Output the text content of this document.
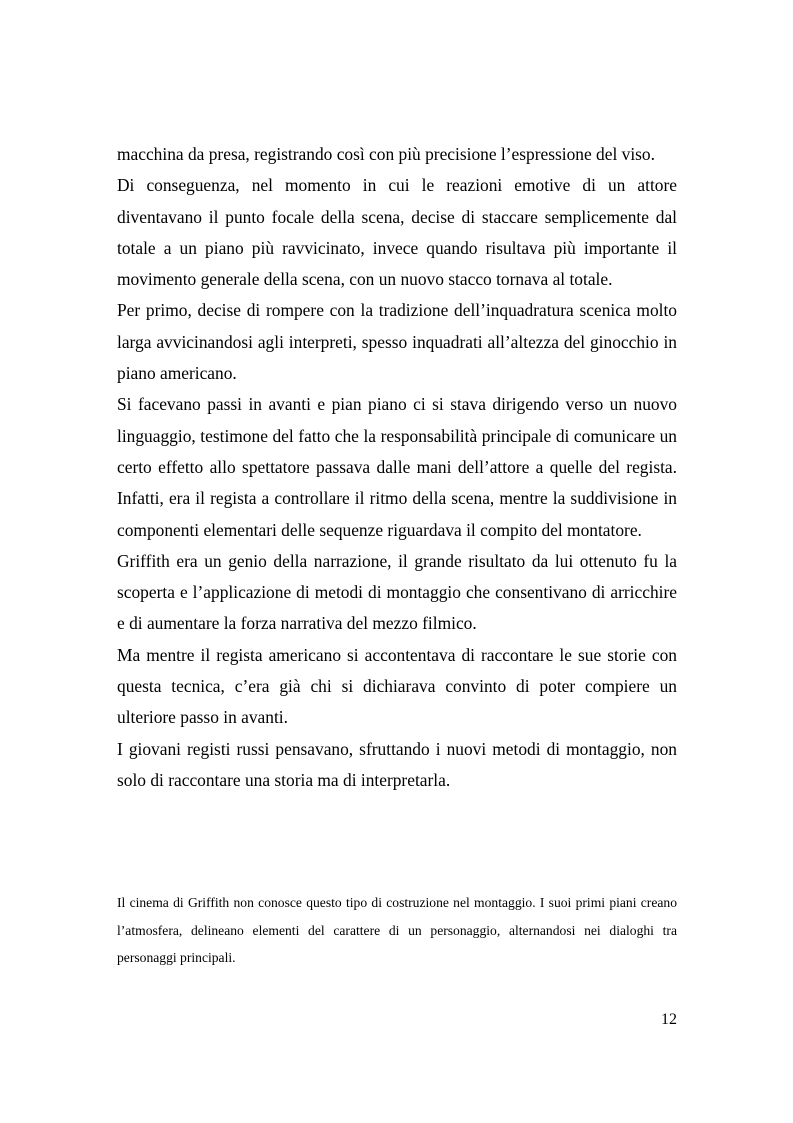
macchina da presa, registrando così con più precisione l’espressione del viso.

Di conseguenza, nel momento in cui le reazioni emotive di un attore diventavano il punto focale della scena, decise di staccare semplicemente dal totale a un piano più ravvicinato, invece quando risultava più importante il movimento generale della scena, con un nuovo stacco tornava al totale.

Per primo, decise di rompere con la tradizione dell’inquadratura scenica molto larga avvicinandosi agli interpreti, spesso inquadrati all’altezza del ginocchio in piano americano.

Si facevano passi in avanti e pian piano ci si stava dirigendo verso un nuovo linguaggio, testimone del fatto che la responsabilità principale di comunicare un certo effetto allo spettatore passava dalle mani dell’attore a quelle del regista. Infatti, era il regista a controllare il ritmo della scena, mentre la suddivisione in componenti elementari delle sequenze riguardava il compito del montatore.

Griffith era un genio della narrazione, il grande risultato da lui ottenuto fu la scoperta e l’applicazione di metodi di montaggio che consentivano di arricchire e di aumentare la forza narrativa del mezzo filmico.

Ma mentre il regista americano si accontentava di raccontare le sue storie con questa tecnica, c’era già chi si dichiarava convinto di poter compiere un ulteriore passo in avanti.

I giovani registi russi pensavano, sfruttando i nuovi metodi di montaggio, non solo di raccontare una storia ma di interpretarla.

Il cinema di Griffith non conosce questo tipo di costruzione nel montaggio. I suoi primi piani creano l’atmosfera, delineano elementi del carattere di un personaggio, alternandosi nei dialoghi tra personaggi principali.

12
